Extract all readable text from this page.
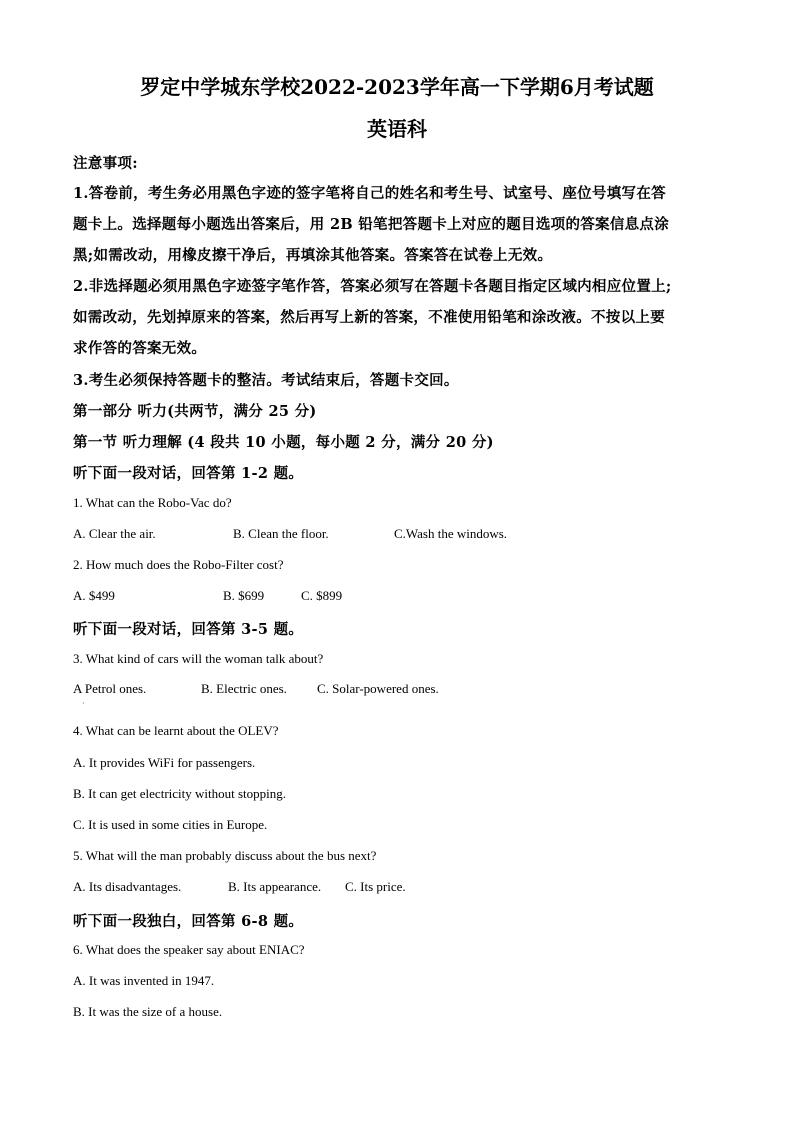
罗定中学城东学校2022-2023学年高一下学期6月考试题
英语科
注意事项:
1.答卷前，考生务必用黑色字迹的签字笔将自己的姓名和考生号、试室号、座位号填写在答
题卡上。选择题每小题选出答案后，用 2B 铅笔把答题卡上对应的题目选项的答案信息点涂
黑;如需改动，用橡皮擦干净后，再填涂其他答案。答案答在试卷上无效。
2.非选择题必须用黑色字迹签字笔作答，答案必须写在答题卡各题目指定区域内相应位置上;
如需改动，先划掉原来的答案，然后再写上新的答案，不准使用铅笔和涂改液。不按以上要
求作答的答案无效。
3.考生必须保持答题卡的整洁。考试结束后，答题卡交回。
第一部分 听力(共两节，满分 25 分)
第一节 听力理解 (4 段共 10 小题，每小题 2 分，满分 20 分)
听下面一段对话，回答第 1-2 题。
1. What can the Robo-Vac do?
A. Clear the air.	B. Clean the floor.	C.Wash the windows.
2. How much does the Robo-Filter cost?
A. $499	B. $699	C. $899
听下面一段对话，回答第 3-5 题。
3. What kind of cars will the woman talk about?
A Petrol ones.	B. Electric ones. C. Solar-powered ones.
·
4. What can be learnt about the OLEV?
A. It provides WiFi for passengers.
B. It can get electricity without stopping.
C. It is used in some cities in Europe.
5. What will the man probably discuss about the bus next?
A. Its disadvantages.	B. Its appearance. C. Its price.
听下面一段独白，回答第 6-8 题。
6. What does the speaker say about ENIAC?
A. It was invented in 1947.
B. It was the size of a house.
